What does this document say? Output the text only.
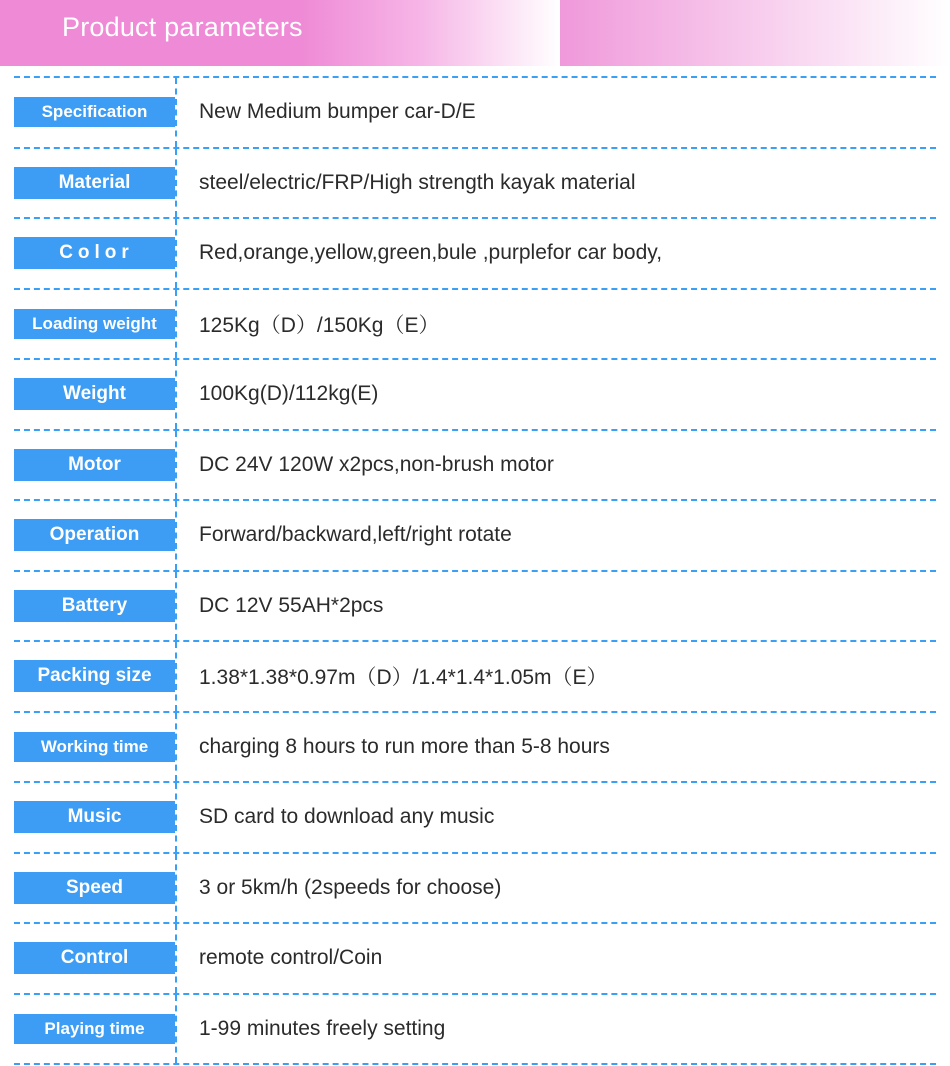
Product parameters
Specification	New Medium bumper car-D/E
Material	steel/electric/FRP/High strength kayak material
Color	Red,orange,yellow,green,bule ,purplefor car body,
Loading weight	125Kg（D）/150Kg（E）
Weight	100Kg(D)/112kg(E)
Motor	DC 24V 120W x2pcs,non-brush motor
Operation	Forward/backward,left/right rotate
Battery	DC 12V 55AH*2pcs
Packing size	1.38*1.38*0.97m（D）/1.4*1.4*1.05m（E）
Working time	charging 8 hours to run more than 5-8 hours
Music	SD card to download any music
Speed	3 or 5km/h (2speeds for choose)
Control	remote control/Coin
Playing time	1-99 minutes freely setting
